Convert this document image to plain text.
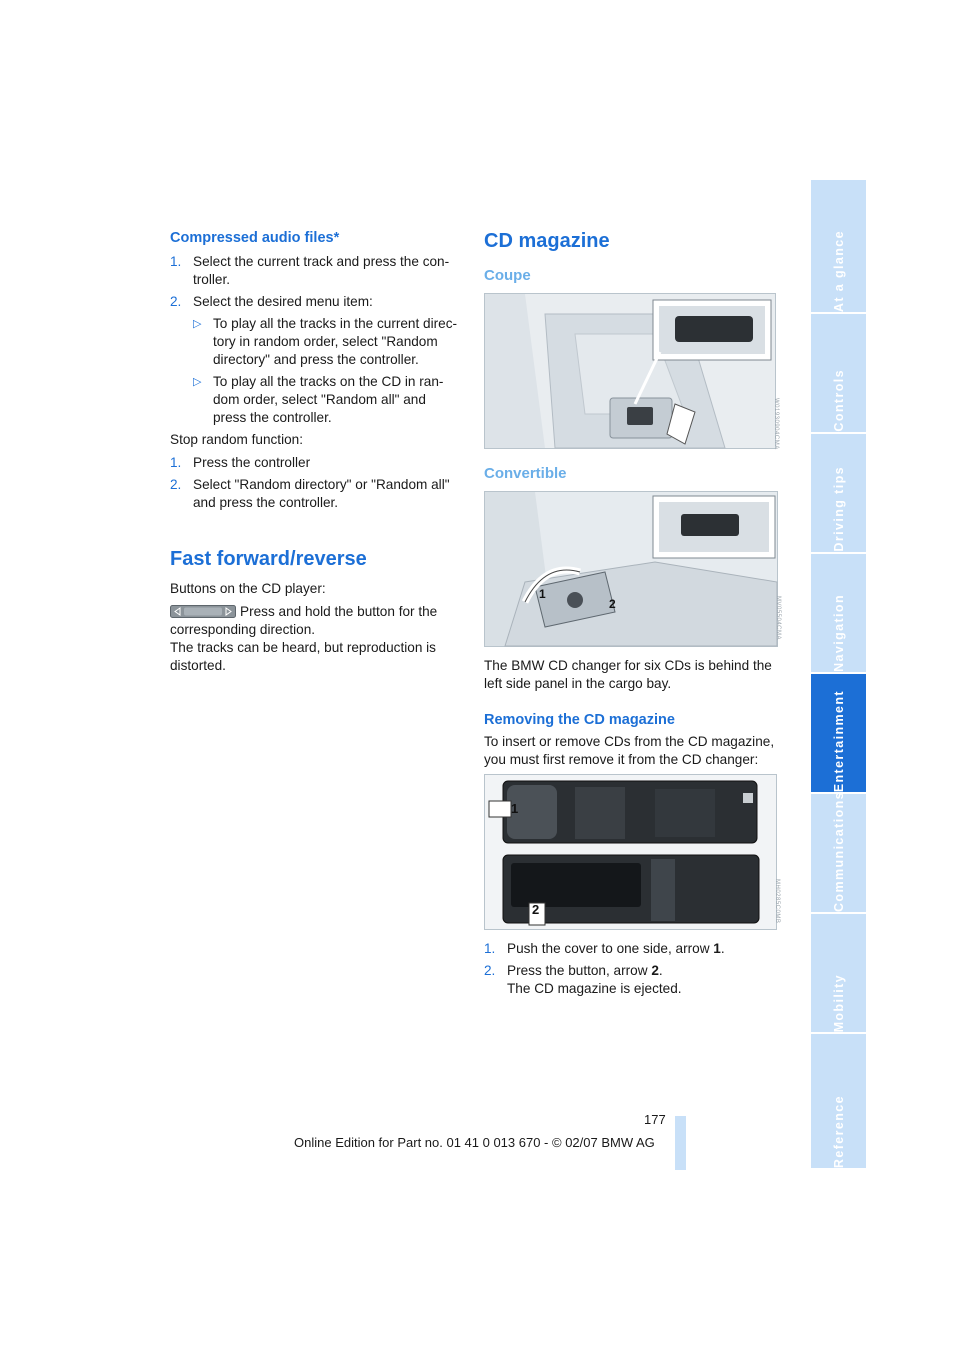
Compressed audio files*
1. Select the current track and press the con-troller.
2. Select the desired menu item:
▷ To play all the tracks in the current direc-tory in random order, select "Random directory" and press the controller.
▷ To play all the tracks on the CD in ran-dom order, select "Random all" and press the controller.

Stop random function:

1. Press the controller
2. Select "Random directory" or "Random all" and press the controller.
Fast forward/reverse

Buttons on the CD player:

Press and hold the button for the corresponding direction.

The tracks can be heard, but reproduction is distorted.

CD magazine
Coupe
W01930904CMA
Convertible
1
2	MV05504CMA

The BMW CD changer for six CDs is behind the left side panel in the cargo bay.

Removing the CD magazine

To insert or remove CDs from the CD magazine, you must first remove it from the CD changer:

1
2	MH0285C0MB
1. Push the cover to one side, arrow 1.
2. Press the button, arrow 2.
The CD magazine is ejected.
At a glance
Controls
Driving tips
Navigation
Entertainment
Communications
Mobility
Reference
177
Online Edition for Part no. 01 41 0 013 670 - © 02/07 BMW AG
